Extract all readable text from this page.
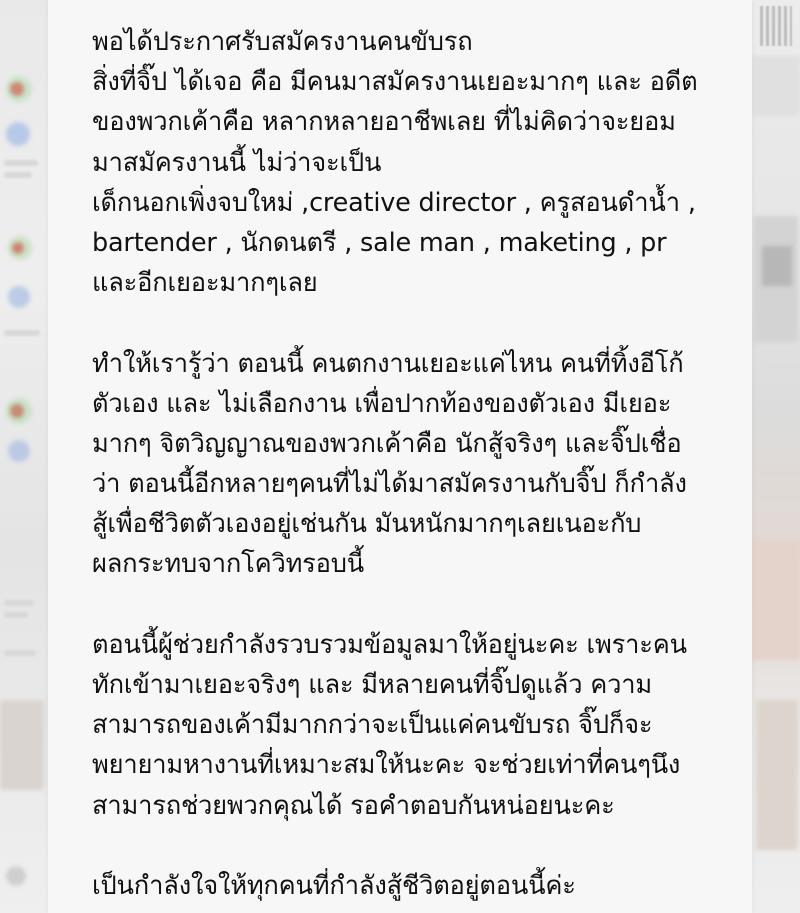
พอได้ประกาศรับสมัครงานคนขับรถ
สิ่งที่จิ๊ป ได้เจอ คือ มีคนมาสมัครงานเยอะมากๆ และ อดีต
ของพวกเค้าคือ หลากหลายอาชีพเลย ที่ไม่คิดว่าจะยอม
มาสมัครงานนี้ ไม่ว่าจะเป็น
เด็กนอกเพิ่งจบใหม่ ,creative director , ครูสอนดำน้ำ ,
bartender , นักดนตรี , sale man , maketing , pr
และอีกเยอะมากๆเลย
ทำให้เรารู้ว่า ตอนนี้ คนตกงานเยอะแค่ไหน คนที่ทิ้งอีโก้
ตัวเอง และ ไม่เลือกงาน เพื่อปากท้องของตัวเอง มีเยอะ
มากๆ จิตวิญญาณของพวกเค้าคือ นักสู้จริงๆ และจิ๊ปเชื่อ
ว่า ตอนนี้อีกหลายๆคนที่ไม่ได้มาสมัครงานกับจิ๊ป ก็กำลัง
สู้เพื่อชีวิตตัวเองอยู่เช่นกัน มันหนักมากๆเลยเนอะกับ
ผลกระทบจากโควิทรอบนี้
ตอนนี้ผู้ช่วยกำลังรวบรวมข้อมูลมาให้อยู่นะคะ เพราะคน
ทักเข้ามาเยอะจริงๆ และ มีหลายคนที่จิ๊ปดูแล้ว ความ
สามารถของเค้ามีมากกว่าจะเป็นแค่คนขับรถ จิ๊ปก็จะ
พยายามหางานที่เหมาะสมให้นะคะ จะช่วยเท่าที่คนๆนึง
สามารถช่วยพวกคุณได้ รอคำตอบกันหน่อยนะคะ
เป็นกำลังใจให้ทุกคนที่กำลังสู้ชีวิตอยู่ตอนนี้ค่ะ
